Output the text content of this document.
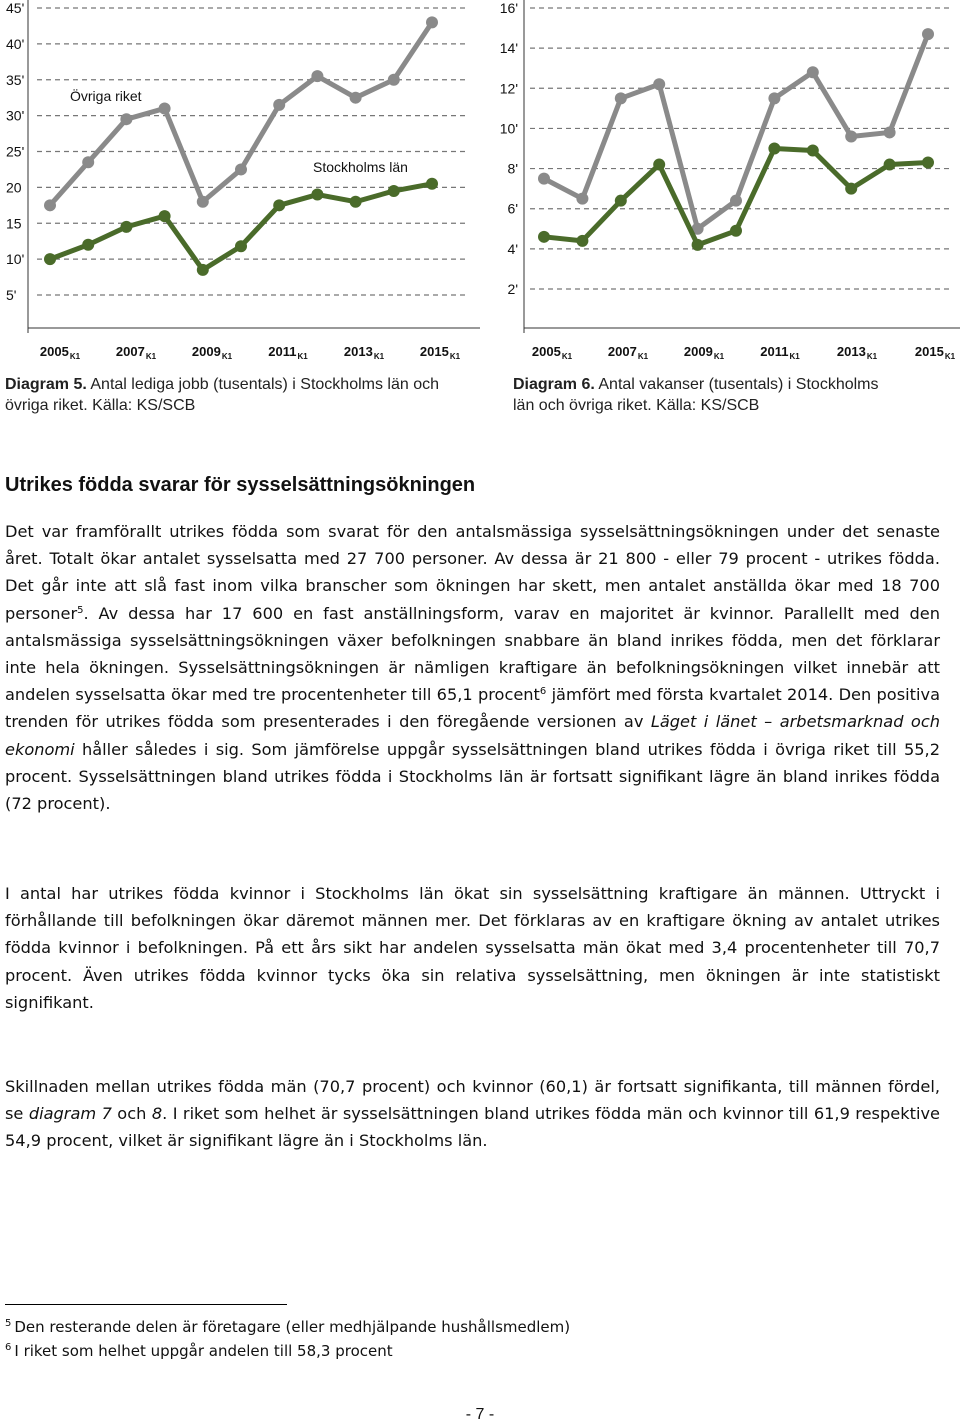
5'
10'
15
20
25'
30'
35'
40'
45'
Övriga riket
Stockholms län
$2005_{K1}$	$2007_{K1}$	$2009_{K1}$	$2011_{K1}$	$2013_{K1}$	$2015_{K1}$
Diagram 5. Antal lediga jobb (tusentals) i Stockholms län och
övriga riket. Källa: KS/SCB
2'
4'
6'
8'
10'
12'
14'
16'
$2005_{K1}$	$2007_{K1}$	$2009_{K1}$	$2011_{K1}$	$2013_{K1}$	$2015_{K1}$
Diagram 6. Antal vakanser (tusentals) i Stockholms
län och övriga riket. Källa: KS/SCB
Utrikes födda svarar för sysselsättningsökningen

Det var framförallt utrikes födda som svarat för den antalsmässiga sysselsättningsökningen under det senaste året. Totalt ökar antalet sysselsatta med 27 700 personer. Av dessa är 21 800 - eller 79 procent - utrikes födda. Det går inte att slå fast inom vilka branscher som ökningen har skett, men antalet anställda ökar med 18 700 personer$^5$. Av dessa har 17 600 en fast anställningsform, varav en majoritet är kvinnor. Parallellt med den antalsmässiga sysselsättningsökningen växer befolkningen snabbare än bland inrikes födda, men det förklarar inte hela ökningen. Sysselsättningsökningen är nämligen kraftigare än befolkningsökningen vilket innebär att andelen sysselsatta ökar med tre procentenheter till 65,1 procent$^6$ jämfört med första kvartalet 2014. Den positiva trenden för utrikes födda som presenterades i den föregående versionen av Läget i länet – arbetsmarknad och ekonomi håller således i sig. Som jämförelse uppgår sysselsättningen bland utrikes födda i övriga riket till 55,2 procent. Sysselsättningen bland utrikes födda i Stockholms län är fortsatt signifikant lägre än bland inrikes födda (72 procent).

I antal har utrikes födda kvinnor i Stockholms län ökat sin sysselsättning kraftigare än männen. Uttryckt i förhållande till befolkningen ökar däremot männen mer. Det förklaras av en kraftigare ökning av antalet utrikes födda kvinnor i befolkningen. På ett års sikt har andelen sysselsatta män ökat med 3,4 procentenheter till 70,7 procent. Även utrikes födda kvinnor tycks öka sin relativa sysselsättning, men ökningen är inte statistiskt signifikant.

Skillnaden mellan utrikes födda män (70,7 procent) och kvinnor (60,1) är fortsatt signifikanta, till männen fördel, se diagram 7 och 8. I riket som helhet är sysselsättningen bland utrikes födda män och kvinnor till 61,9 respektive 54,9 procent, vilket är signifikant lägre än i Stockholms län.

$^5$ Den resterande delen är företagare (eller medhjälpande hushållsmedlem)
$^6$ I riket som helhet uppgår andelen till 58,3 procent
- 7 -
